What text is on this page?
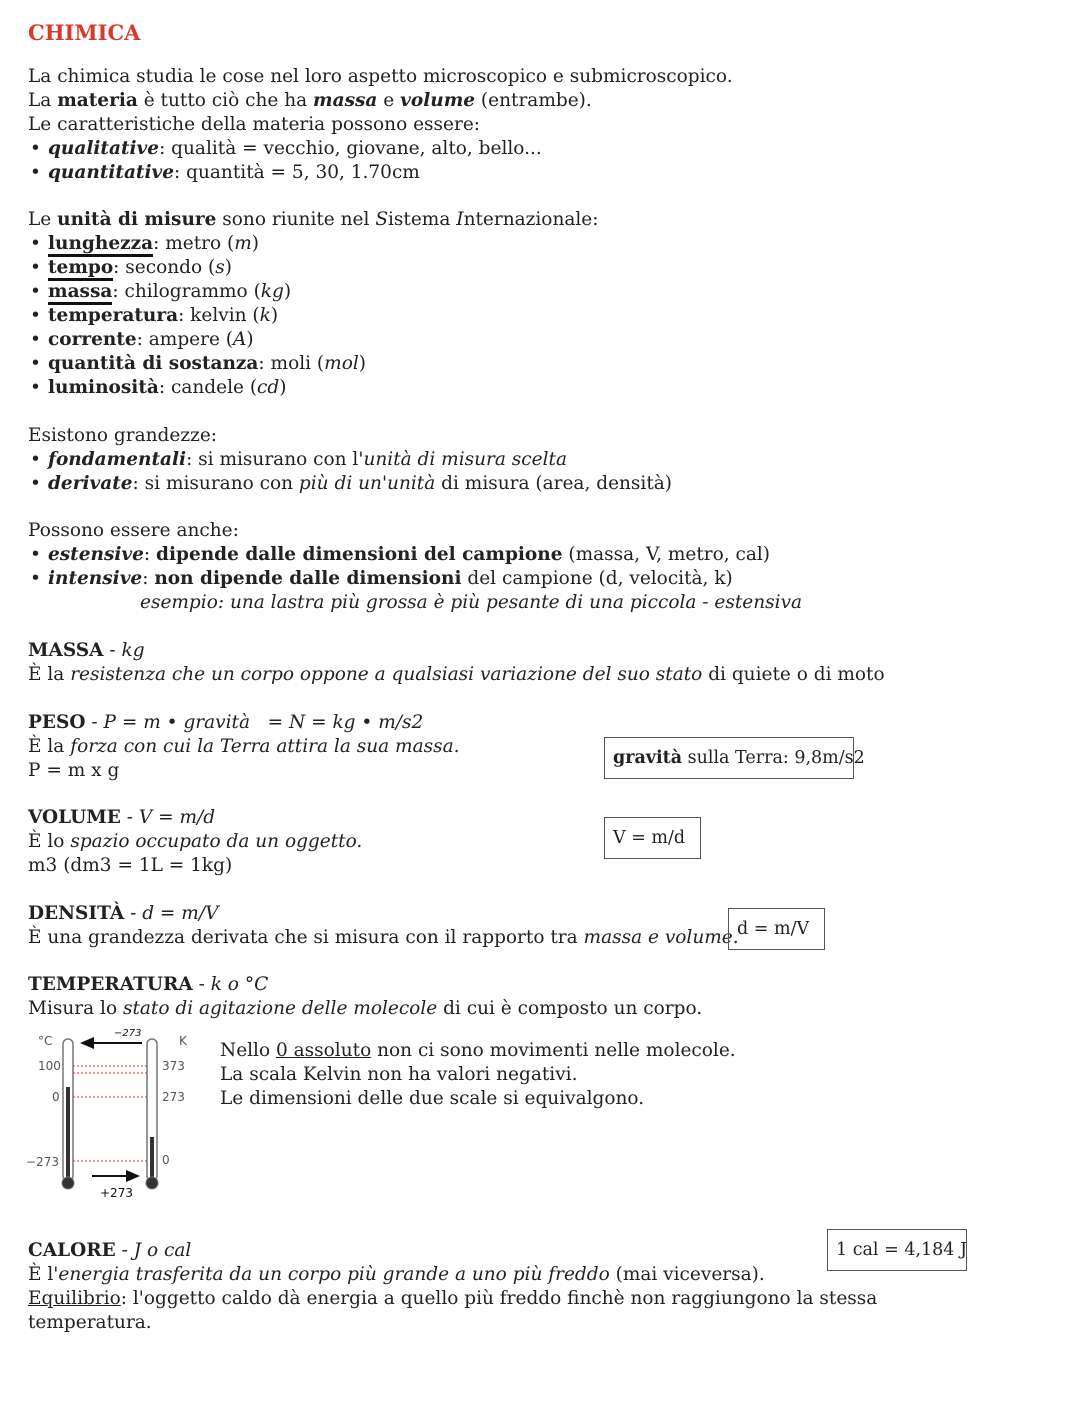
CHIMICA
La chimica studia le cose nel loro aspetto microscopico e submicroscopico.
La materia è tutto ciò che ha massa e volume (entrambe).
Le caratteristiche della materia possono essere:
• qualitative: qualità = vecchio, giovane, alto, bello...
• quantitative: quantità = 5, 30, 1.70cm
Le unità di misure sono riunite nel Sistema Internazionale:
• lunghezza: metro (m)
• tempo: secondo (s)
• massa: chilogrammo (kg)
• temperatura: kelvin (k)
• corrente: ampere (A)
• quantità di sostanza: moli (mol)
• luminosità: candele (cd)
Esistono grandezze:
• fondamentali: si misurano con l'unità di misura scelta
• derivate: si misurano con più di un'unità di misura (area, densità)
Possono essere anche:
• estensive: dipende dalle dimensioni del campione (massa, V, metro, cal)
• intensive: non dipende dalle dimensioni del campione (d, velocità, k)
esempio: una lastra più grossa è più pesante di una piccola - estensiva
MASSA - kg
È la resistenza che un corpo oppone a qualsiasi variazione del suo stato di quiete o di moto
PESO - P = m • gravità   = N = kg • m/s2
È la forza con cui la Terra attira la sua massa.
P = m x g
gravità sulla Terra: 9,8m/s2
VOLUME - V = m/d
È lo spazio occupato da un oggetto.
m3 (dm3 = 1L = 1kg)
V = m/d
DENSITÀ - d = m/V
È una grandezza derivata che si misura con il rapporto tra massa e volume.
d = m/V
TEMPERATURA - k o °C
Misura lo stato di agitazione delle molecole di cui è composto un corpo.
°C	K
100
0
−273
373
273
0
−273
+273
Nello 0 assoluto non ci sono movimenti nelle molecole.
La scala Kelvin non ha valori negativi.
Le dimensioni delle due scale si equivalgono.
CALORE - J o cal
È l'energia trasferita da un corpo più grande a uno più freddo (mai viceversa).
Equilibrio: l'oggetto caldo dà energia a quello più freddo finchè non raggiungono la stessa
temperatura.
1 cal = 4,184 J
